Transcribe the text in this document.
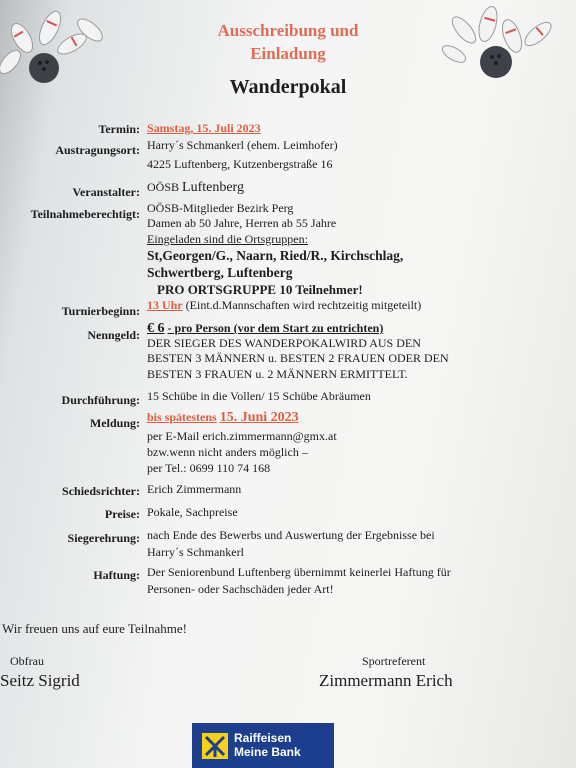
Ausschreibung und
Einladung
Wanderpokal
Termin: Samstag, 15. Juli 2023
Austragungsort: Harry´s Schmankerl (ehem. Leimhofer)
4225 Luftenberg, Kutzenbergstraße 16
Veranstalter: OÖSB Luftenberg
Teilnahmeberechtigt: OÖSB-Mitglieder Bezirk Perg
Damen ab 50 Jahre, Herren ab 55 Jahre
Eingeladen sind die Ortsgruppen:
St,Georgen/G., Naarn, Ried/R., Kirchschlag,
Schwertberg, Luftenberg
PRO ORTSGRUPPE 10 Teilnehmer!
Turnierbeginn: 13 Uhr (Eint.d.Mannschaften wird rechtzeitig mitgeteilt)
Nenngeld: € 6 - pro Person (vor dem Start zu entrichten)
DER SIEGER DES WANDERPOKALWIRD AUS DEN
BESTEN 3 MÄNNERN u. BESTEN 2 FRAUEN ODER DEN
BESTEN 3 FRAUEN u. 2 MÄNNERN ERMITTELT.
Durchführung: 15 Schübe in die Vollen/ 15 Schübe Abräumen
Meldung: bis spätestens 15. Juni 2023
per E-Mail erich.zimmermann@gmx.at
bzw.wenn nicht anders möglich –
per Tel.: 0699 110 74 168
Schiedsrichter: Erich Zimmermann
Preise: Pokale, Sachpreise
Siegerehrung: nach Ende des Bewerbs und Auswertung der Ergebnisse bei
Harry´s Schmankerl
Haftung: Der Seniorenbund Luftenberg übernimmt keinerlei Haftung für
Personen- oder Sachschäden jeder Art!
Wir freuen uns auf eure Teilnahme!
Obfrau
Seitz Sigrid
Sportreferent
Zimmermann Erich
Raiffeisen
Meine Bank
